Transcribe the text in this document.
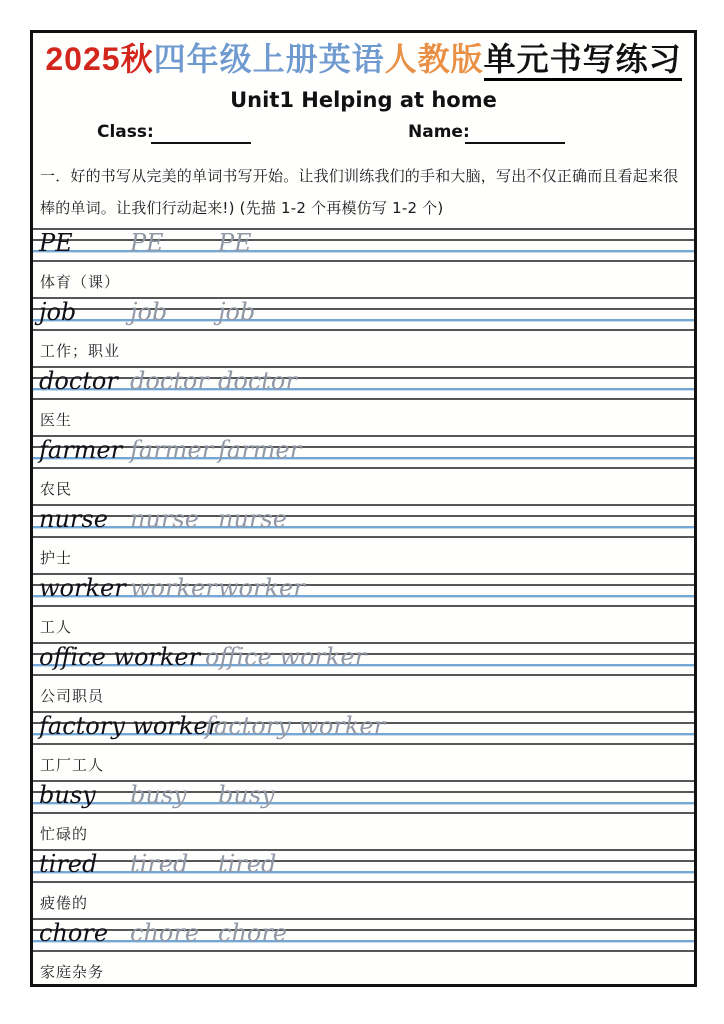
2025秋四年级上册英语人教版单元书写练习
Unit1 Helping at home
Class:	Name:
一．好的书写从完美的单词书写开始。让我们训练我们的手和大脑，写出不仅正确而且看起来很棒的单词。让我们行动起来!) (先描 1-2 个再模仿写 1-2 个)
PE PE PE
体育（课）
job job job
工作；职业
doctor doctor doctor
医生
farmer farmer farmer
农民
nurse nurse nurse
护士
worker worker worker
工人
office worker office worker
公司职员
factory worker
factory worker
工厂工人
busy busy busy
忙碌的
tired tired tired
疲倦的
chore chore chore
家庭杂务
